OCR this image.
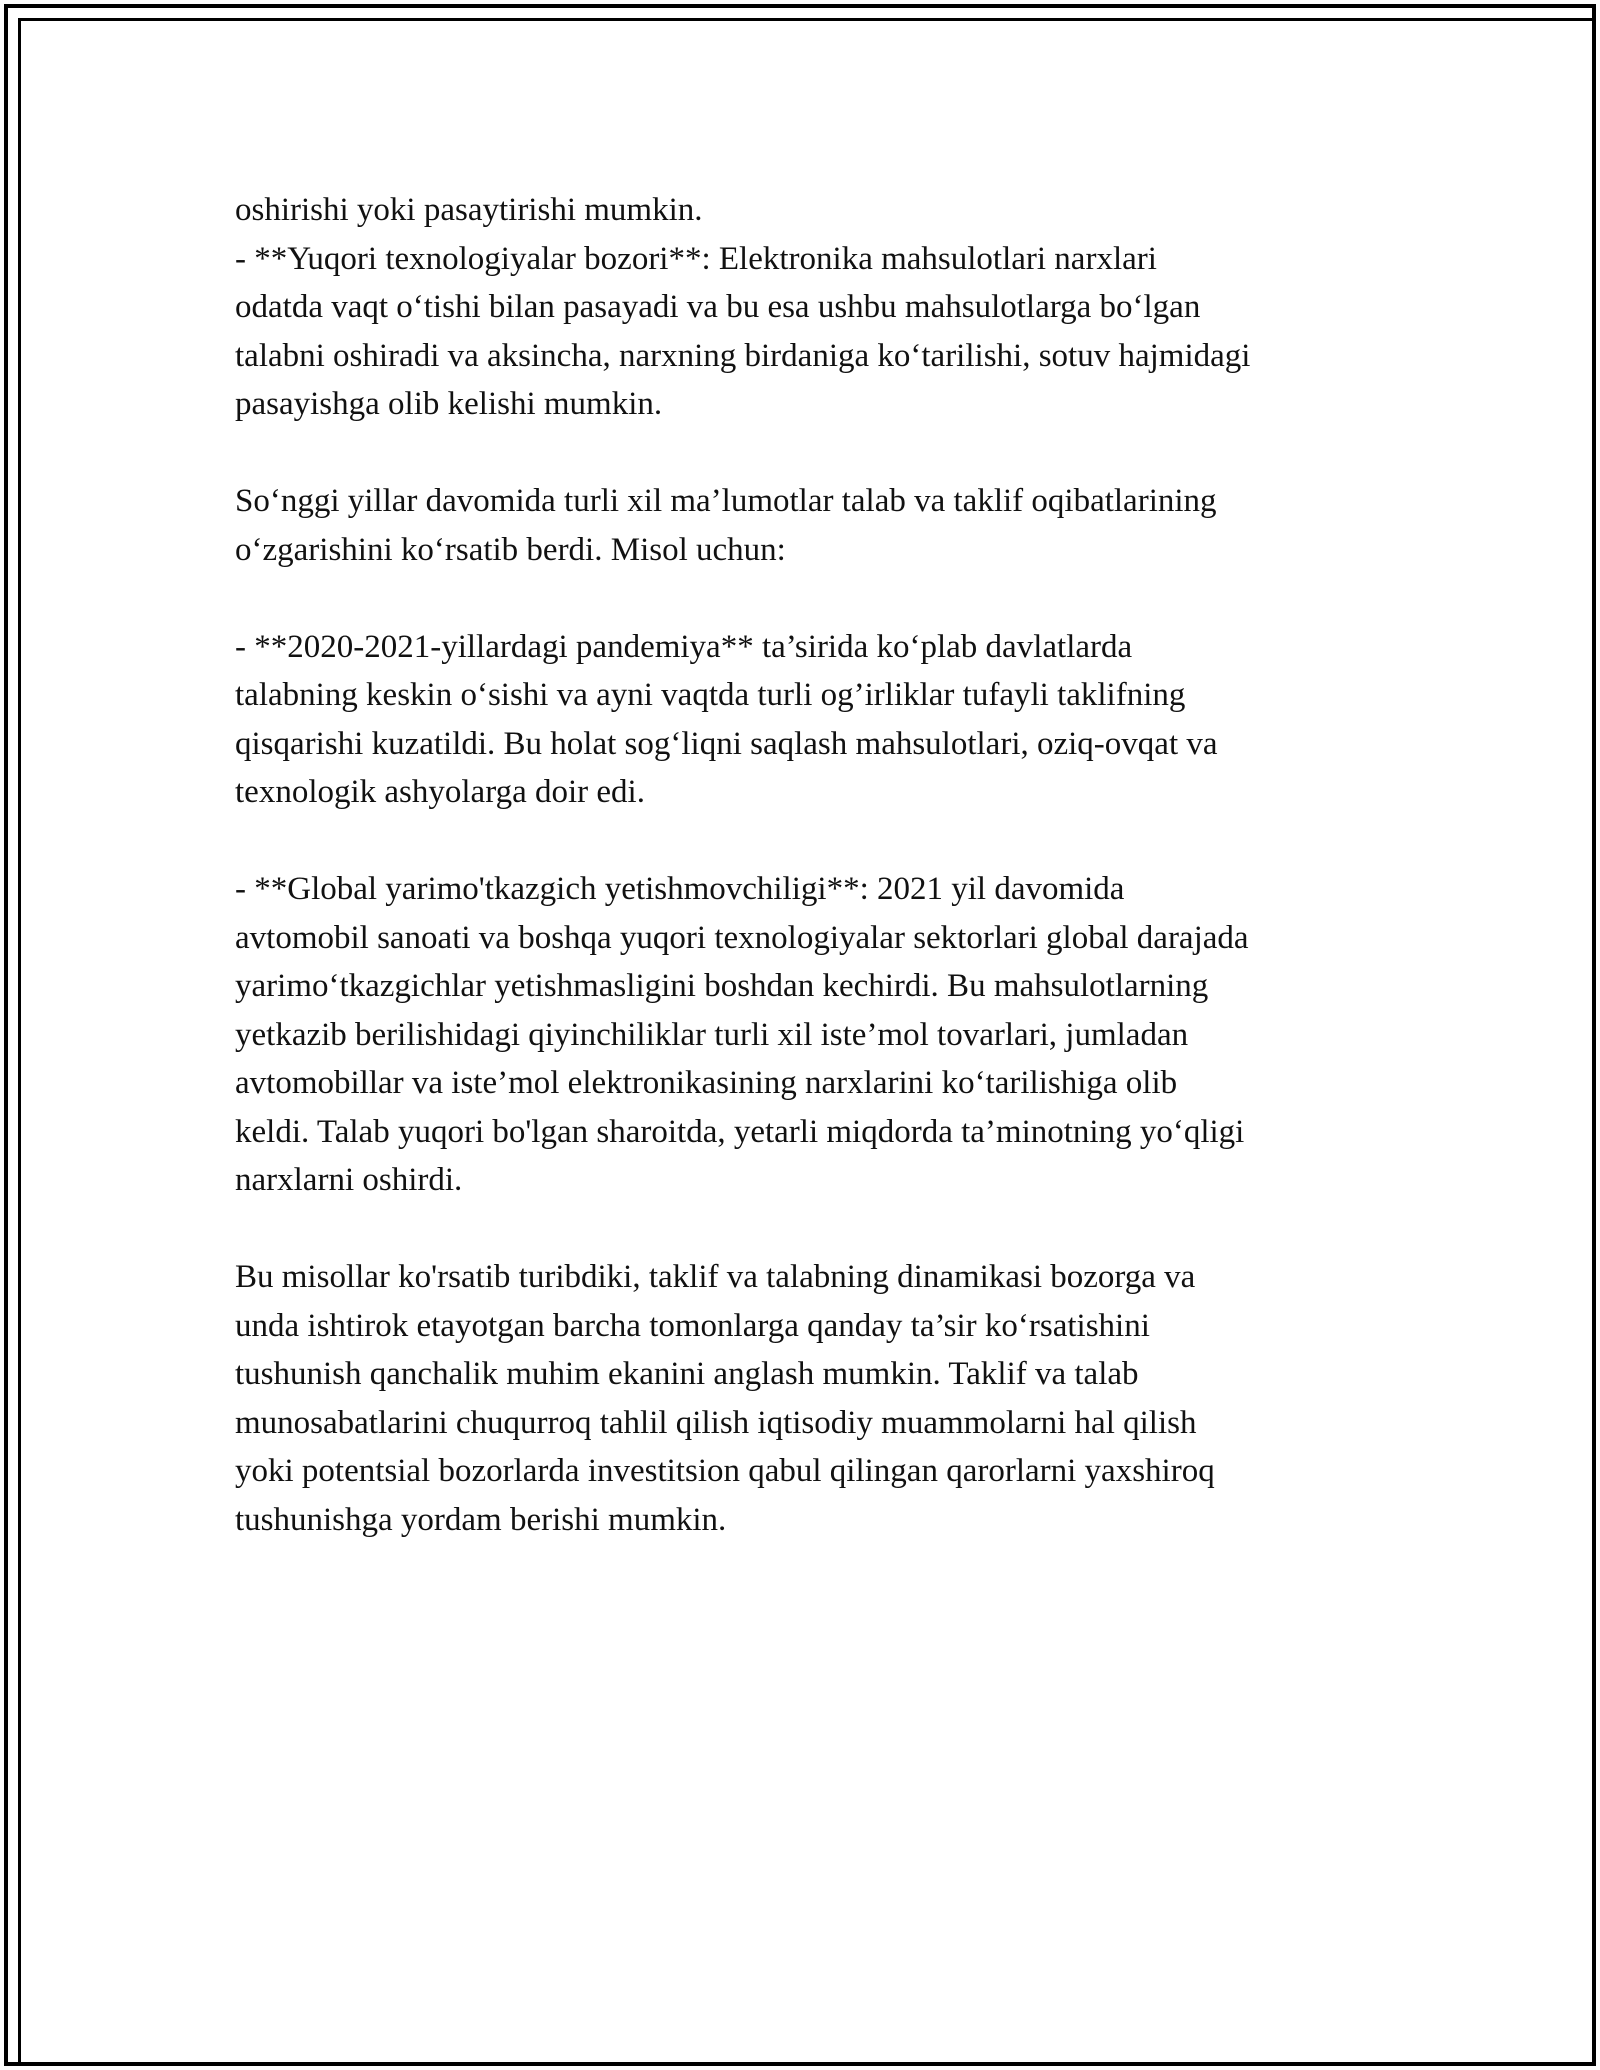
oshirishi yoki pasaytirishi mumkin.
- **Yuqori texnologiyalar bozori**: Elektronika mahsulotlari narxlari
odatda vaqt o‘tishi bilan pasayadi va bu esa ushbu mahsulotlarga bo‘lgan
talabni oshiradi va aksincha, narxning birdaniga ko‘tarilishi, sotuv hajmidagi
pasayishga olib kelishi mumkin.
So‘nggi yillar davomida turli xil ma’lumotlar talab va taklif oqibatlarining
o‘zgarishini ko‘rsatib berdi. Misol uchun:
- **2020-2021-yillardagi pandemiya** ta’sirida ko‘plab davlatlarda
talabning keskin o‘sishi va ayni vaqtda turli og’irliklar tufayli taklifning
qisqarishi kuzatildi. Bu holat sog‘liqni saqlash mahsulotlari, oziq-ovqat va
texnologik ashyolarga doir edi.
- **Global yarimo'tkazgich yetishmovchiligi**: 2021 yil davomida
avtomobil sanoati va boshqa yuqori texnologiyalar sektorlari global darajada
yarimo‘tkazgichlar yetishmasligini boshdan kechirdi. Bu mahsulotlarning
yetkazib berilishidagi qiyinchiliklar turli xil iste’mol tovarlari, jumladan
avtomobillar va iste’mol elektronikasining narxlarini ko‘tarilishiga olib
keldi. Talab yuqori bo'lgan sharoitda, yetarli miqdorda ta’minotning yo‘qligi
narxlarni oshirdi.
Bu misollar ko'rsatib turibdiki, taklif va talabning dinamikasi bozorga va
unda ishtirok etayotgan barcha tomonlarga qanday ta’sir ko‘rsatishini
tushunish qanchalik muhim ekanini anglash mumkin. Taklif va talab
munosabatlarini chuqurroq tahlil qilish iqtisodiy muammolarni hal qilish
yoki potentsial bozorlarda investitsion qabul qilingan qarorlarni yaxshiroq
tushunishga yordam berishi mumkin.
